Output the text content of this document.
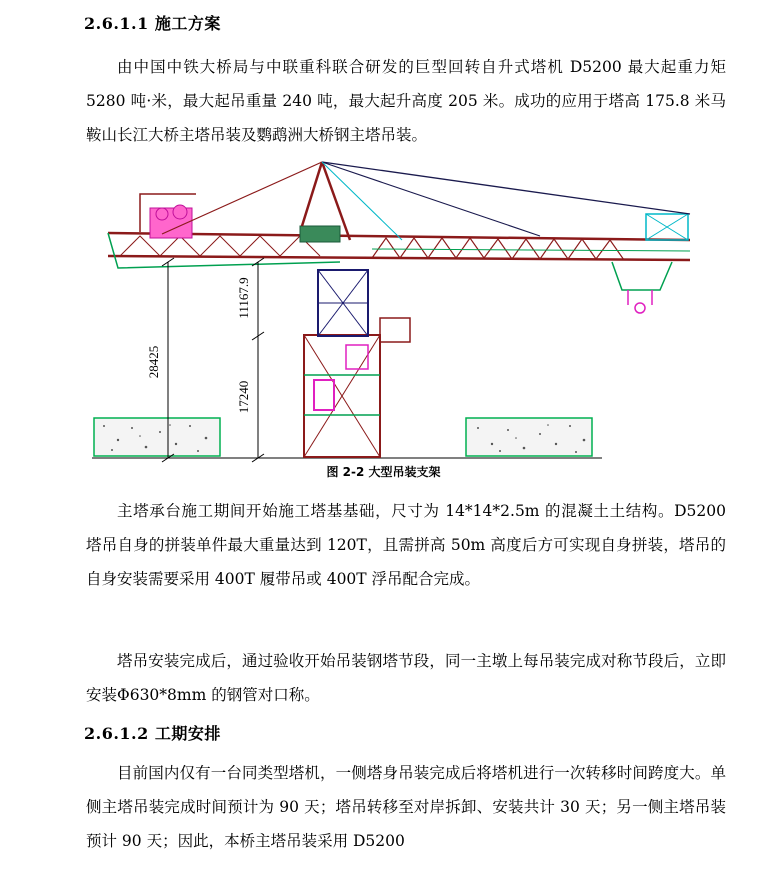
2.6.1.1 施工方案

由中国中铁大桥局与中联重科联合研发的巨型回转自升式塔机 D5200 最大起重力矩 5280 吨·米，最大起吊重量 240 吨，最大起升高度 205 米。成功的应用于塔高 175.8 米马鞍山长江大桥主塔吊装及鹦鹉洲大桥钢主塔吊装。

28425
11167.9
17240
图 2-2 大型吊装支架

主塔承台施工期间开始施工塔基基础，尺寸为 14*14*2.5m 的混凝土土结构。D5200 塔吊自身的拼装单件最大重量达到 120T，且需拼高 50m 高度后方可实现自身拼装，塔吊的自身安装需要采用 400T 履带吊或 400T 浮吊配合完成。

塔吊安装完成后，通过验收开始吊装钢塔节段，同一主墩上每吊装完成对称节段后，立即安装Φ630*8mm 的钢管对口称。

2.6.1.2 工期安排

目前国内仅有一台同类型塔机，一侧塔身吊装完成后将塔机进行一次转移时间跨度大。单侧主塔吊装完成时间预计为 90 天；塔吊转移至对岸拆卸、安装共计 30 天；另一侧主塔吊装预计 90 天；因此，本桥主塔吊装采用 D5200
